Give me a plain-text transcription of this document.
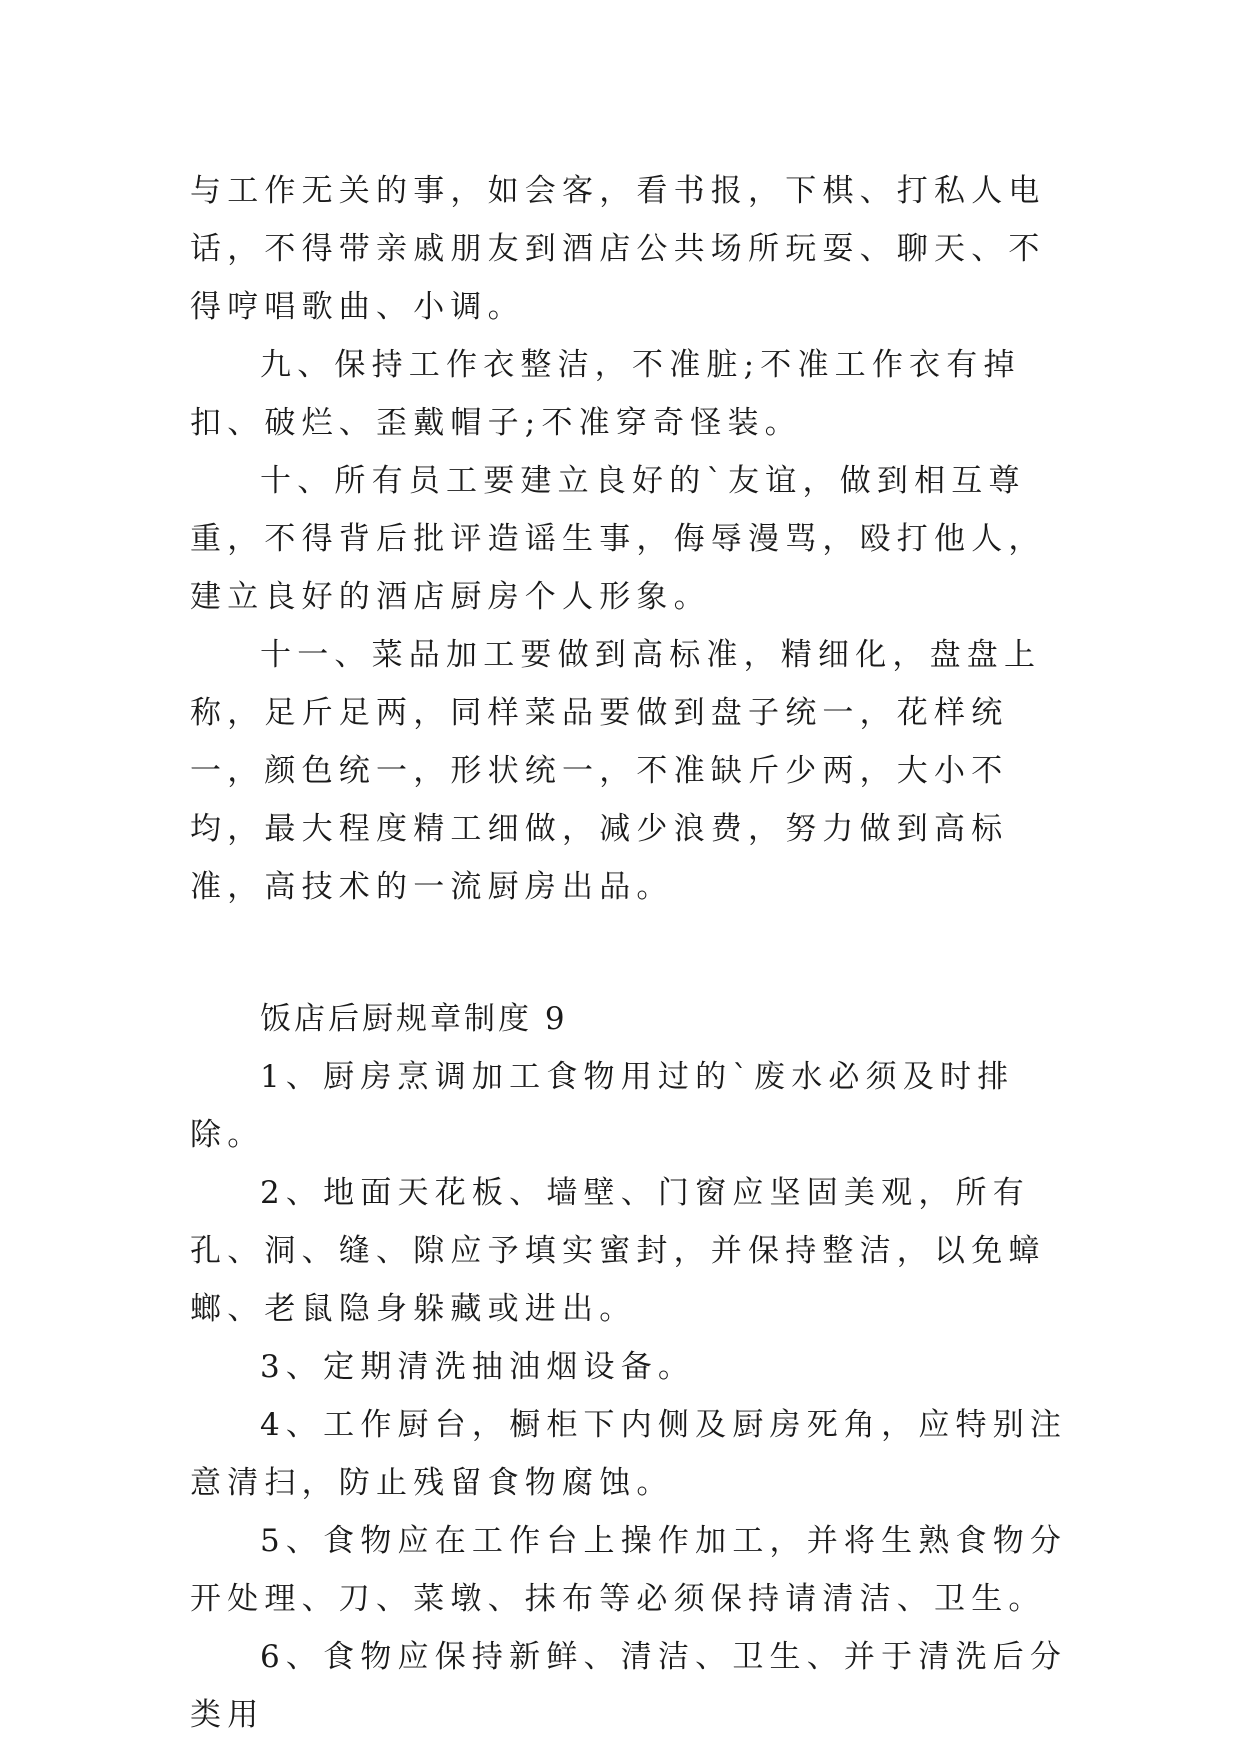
与工作无关的事，如会客，看书报，下棋、打私人电话，不得带亲戚朋友到酒店公共场所玩耍、聊天、不得哼唱歌曲、小调。

九、保持工作衣整洁，不准脏;不准工作衣有掉扣、破烂、歪戴帽子;不准穿奇怪装。

十、所有员工要建立良好的`友谊，做到相互尊重，不得背后批评造谣生事，侮辱漫骂，殴打他人，建立良好的酒店厨房个人形象。

十一、菜品加工要做到高标准，精细化，盘盘上称，足斤足两，同样菜品要做到盘子统一，花样统一，颜色统一，形状统一，不准缺斤少两，大小不均，最大程度精工细做，减少浪费，努力做到高标准，高技术的一流厨房出品。

饭店后厨规章制度 9

1、厨房烹调加工食物用过的`废水必须及时排除。

2、地面天花板、墙壁、门窗应坚固美观，所有孔、洞、缝、隙应予填实蜜封，并保持整洁，以免蟑螂、老鼠隐身躲藏或进出。

3、定期清洗抽油烟设备。

4、工作厨台，橱柜下内侧及厨房死角，应特别注意清扫，防止残留食物腐蚀。

5、食物应在工作台上操作加工，并将生熟食物分开处理、刀、菜墩、抹布等必须保持请清洁、卫生。

6、食物应保持新鲜、清洁、卫生、并于清洗后分类用
